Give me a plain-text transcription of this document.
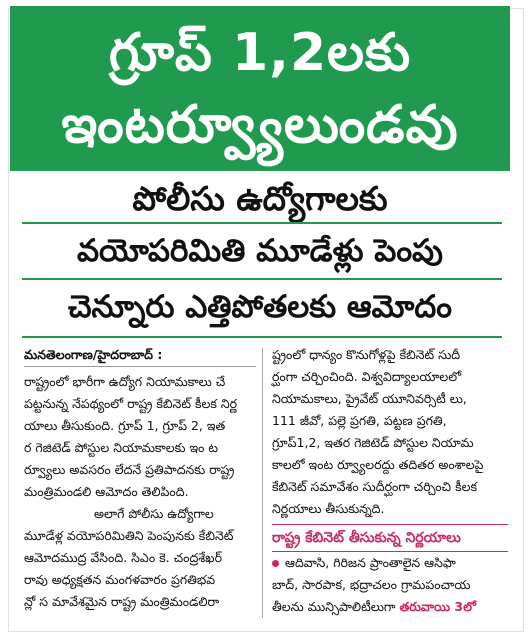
గ్రూప్ 1,2లకు
ఇంటర్వ్యూలుండవు
పోలీసు ఉద్యోగాలకు
వయోపరిమితి మూడేళ్లు పెంపు
చెన్నూరు ఎత్తిపోతలకు ఆమోదం

మనతెలంగాణ/హైదరాబాద్ :

రాష్ట్రంలో భారీగా ఉద్యోగ నియామకాలు చే

పట్టనున్న నేపథ్యంలో రాష్ట్ర కేబినెట్ కీలక నిర్ణ

యాలు తీసుకుంది. గ్రూప్ 1, గ్రూప్ 2, ఇత

ర గెజిటెడ్ పోస్టుల నియామకాలకు ఇం ట

ర్వ్యూలు అవసరం లేదనే ప్రతిపాదనకు రాష్ట్ర

మంత్రిమండలి ఆమోదం తెలిపింది.

అలాగే పోలీసు ఉద్యోగాల

మూడేళ్ల వయోపరిమితిని పెంపునకు కేబినెట్

ఆమోదముద్ర వేసింది. సిఎం కె. చంద్రశేఖర్

రావు అధ్యక్షతన మంగళవారం ప్రగతిభవ

న్లో స మావేశమైన రాష్ట్ర మంత్రిమండలిరా

ష్ట్రంలో ధాన్యం కొనుగోళ్లపై కేబినెట్ సుదీ

ర్ఘంగా చర్చించింది. విశ్వవిద్యాలయాలలో

నియామకాలు, ప్రైవేట్ యూనివర్సిటీ లు,

111 జీవో, పల్లె ప్రగతి, పట్టణ ప్రగతి,

గ్రూప్1,2, ఇతర గెజిటెడ్ పోస్టుల నియామ

కాలలో ఇంట ర్వ్యూలరద్దు తదితర అంశాలపై

కేబినెట్ సమావేశం సుదీర్ఘంగా చర్చించి కీలక

నిర్ణయాలు తీసుకున్నది.

రాష్ట్ర కేబినెట్ తీసుకున్న నిర్ణయాలు

ఆదివాసి, గిరిజన ప్రాంతాలైన ఆసిఫా

బాద్, సారపాక, భద్రాచలం గ్రామపంచాయ

తీలను మున్సిపాలిటీలుగా తరువాయి 3లో
